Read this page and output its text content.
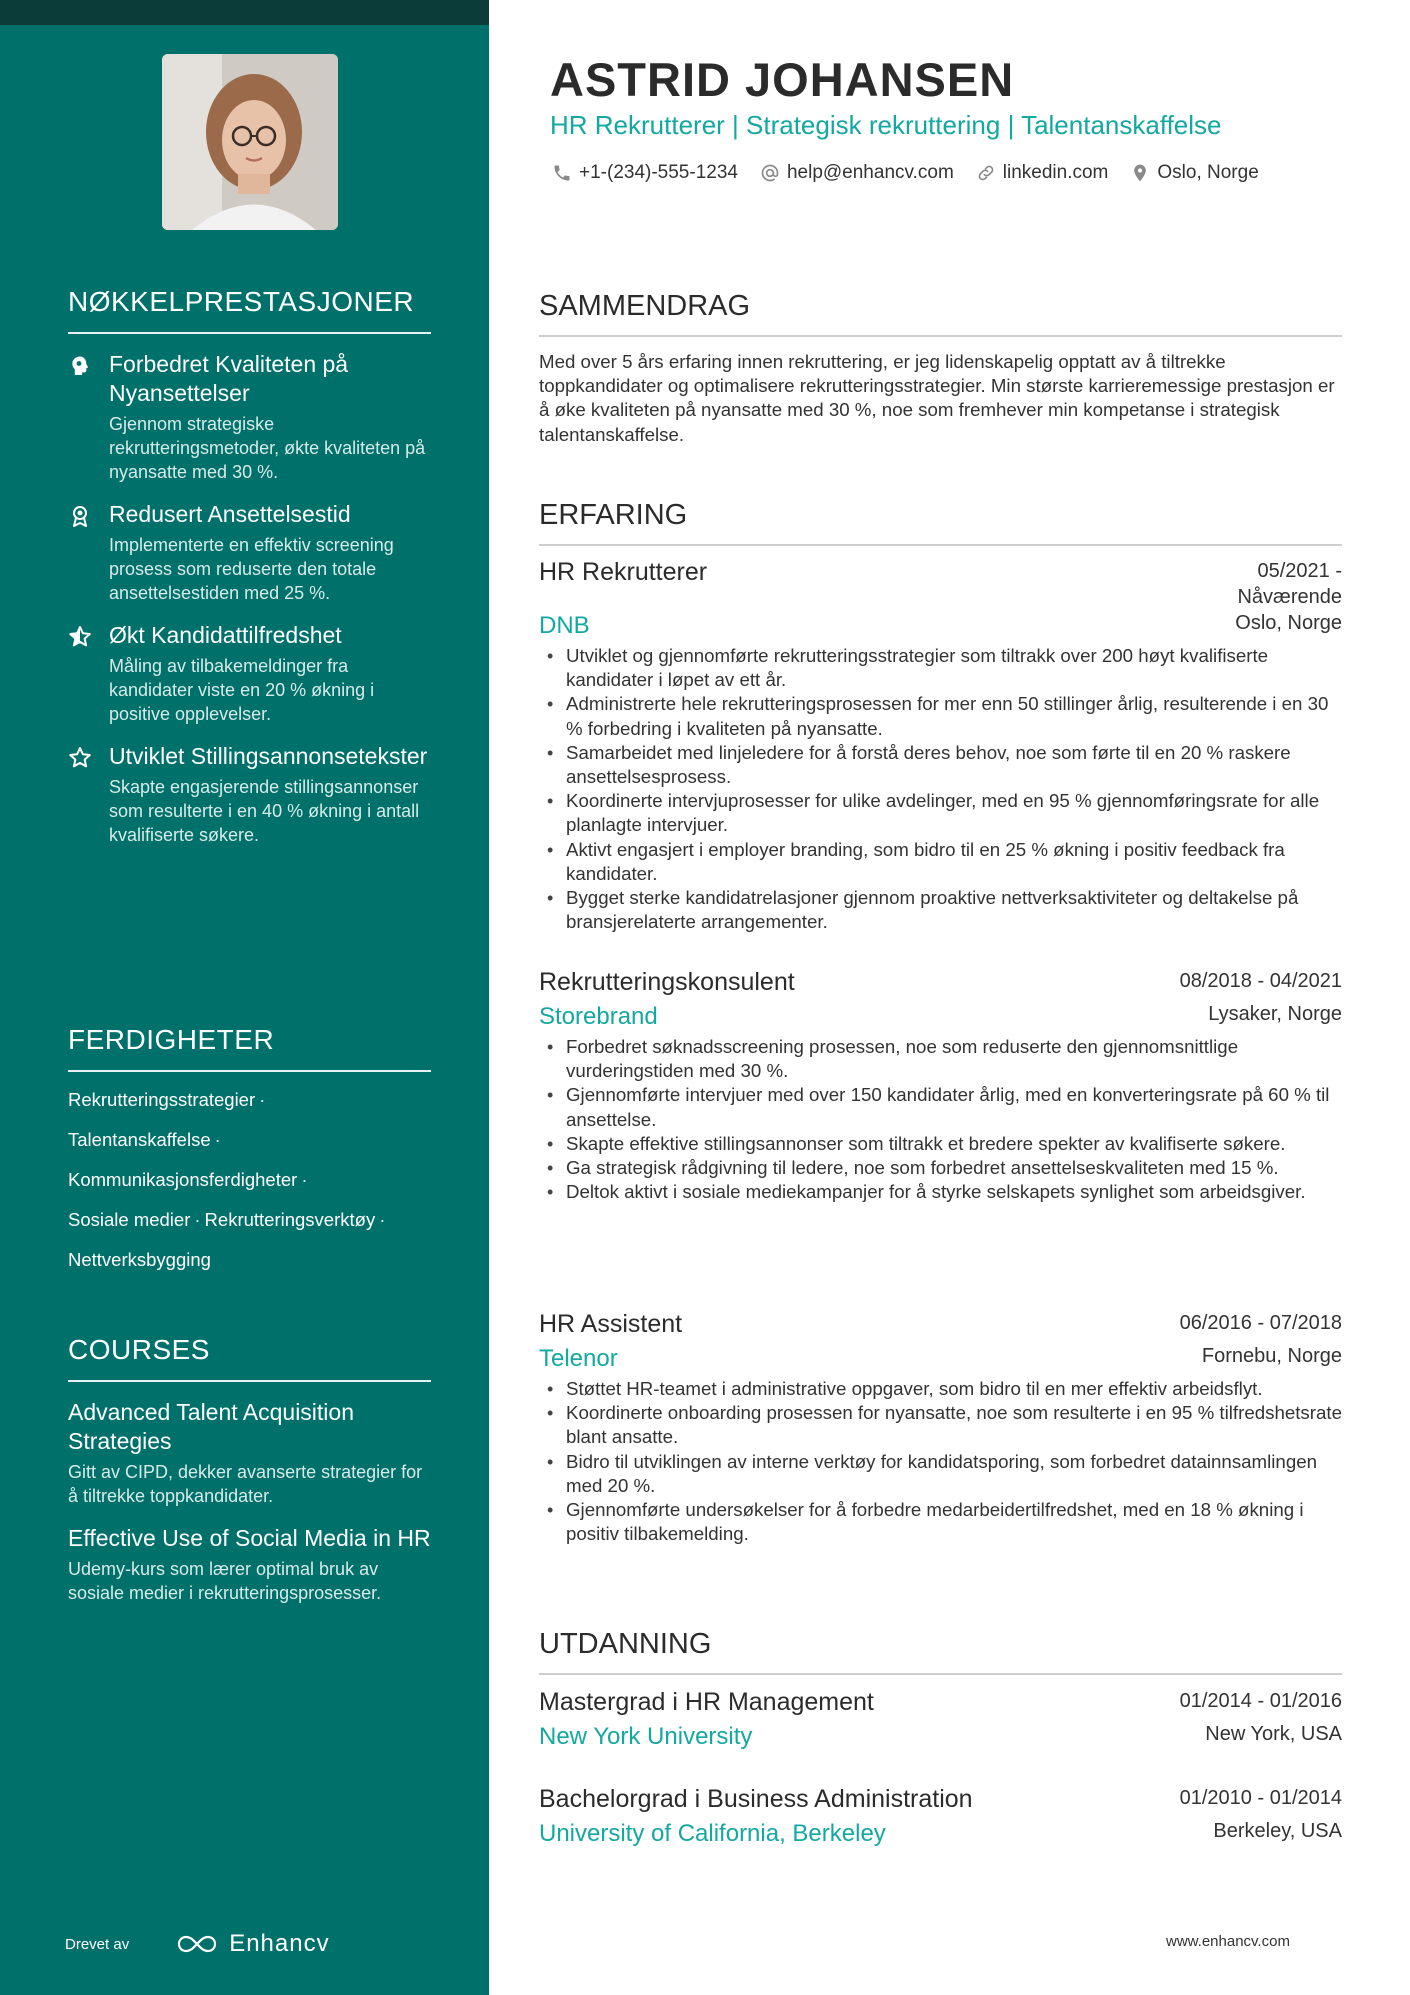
NØKKELPRESTASJONER
Forbedret Kvaliteten på Nyansettelser
Gjennom strategiske rekrutteringsmetoder, økte kvaliteten på nyansatte med 30 %.
Redusert Ansettelsestid
Implementerte en effektiv screening prosess som reduserte den totale ansettelsestiden med 25 %.
Økt Kandidattilfredshet
Måling av tilbakemeldinger fra kandidater viste en 20 % økning i positive opplevelser.
Utviklet Stillingsannonsetekster
Skapte engasjerende stillingsannonser som resulterte i en 40 % økning i antall kvalifiserte søkere.
FERDIGHETER
Rekrutteringsstrategier ·
Talentanskaffelse ·
Kommunikasjonsferdigheter ·
Sosiale medier · Rekrutteringsverktøy ·
Nettverksbygging
COURSES
Advanced Talent Acquisition Strategies
Gitt av CIPD, dekker avanserte strategier for å tiltrekke toppkandidater.
Effective Use of Social Media in HR
Udemy-kurs som lærer optimal bruk av sosiale medier i rekrutteringsprosesser.
Drevet av	Enhancv
ASTRID JOHANSEN
HR Rekrutterer | Strategisk rekruttering | Talentanskaffelse
+1-(234)-555-1234	help@enhancv.com	linkedin.com	Oslo, Norge
SAMMENDRAG
Med over 5 års erfaring innen rekruttering, er jeg lidenskapelig opptatt av å tiltrekke toppkandidater og optimalisere rekrutteringsstrategier. Min største karrieremessige prestasjon er å øke kvaliteten på nyansatte med 30 %, noe som fremhever min kompetanse i strategisk talentanskaffelse.
ERFARING
HR Rekrutterer	05/2021 - Nåværende
DNB	Oslo, Norge
• Utviklet og gjennomførte rekrutteringsstrategier som tiltrakk over 200 høyt kvalifiserte kandidater i løpet av ett år.
• Administrerte hele rekrutteringsprosessen for mer enn 50 stillinger årlig, resulterende i en 30 % forbedring i kvaliteten på nyansatte.
• Samarbeidet med linjeledere for å forstå deres behov, noe som førte til en 20 % raskere ansettelsesprosess.
• Koordinerte intervjuprosesser for ulike avdelinger, med en 95 % gjennomføringsrate for alle planlagte intervjuer.
• Aktivt engasjert i employer branding, som bidro til en 25 % økning i positiv feedback fra kandidater.
• Bygget sterke kandidatrelasjoner gjennom proaktive nettverksaktiviteter og deltakelse på bransjerelaterte arrangementer.
Rekrutteringskonsulent	08/2018 - 04/2021
Storebrand	Lysaker, Norge
• Forbedret søknadsscreening prosessen, noe som reduserte den gjennomsnittlige vurderingstiden med 30 %.
• Gjennomførte intervjuer med over 150 kandidater årlig, med en konverteringsrate på 60 % til ansettelse.
• Skapte effektive stillingsannonser som tiltrakk et bredere spekter av kvalifiserte søkere.
• Ga strategisk rådgivning til ledere, noe som forbedret ansettelseskvaliteten med 15 %.
• Deltok aktivt i sosiale mediekampanjer for å styrke selskapets synlighet som arbeidsgiver.
HR Assistent	06/2016 - 07/2018
Telenor	Fornebu, Norge
• Støttet HR-teamet i administrative oppgaver, som bidro til en mer effektiv arbeidsflyt.
• Koordinerte onboarding prosessen for nyansatte, noe som resulterte i en 95 % tilfredshetsrate blant ansatte.
• Bidro til utviklingen av interne verktøy for kandidatsporing, som forbedret datainnsamlingen med 20 %.
• Gjennomførte undersøkelser for å forbedre medarbeidertilfredshet, med en 18 % økning i positiv tilbakemelding.
UTDANNING
Mastergrad i HR Management	01/2014 - 01/2016
New York University	New York, USA
Bachelorgrad i Business Administration	01/2010 - 01/2014
University of California, Berkeley	Berkeley, USA
www.enhancv.com
